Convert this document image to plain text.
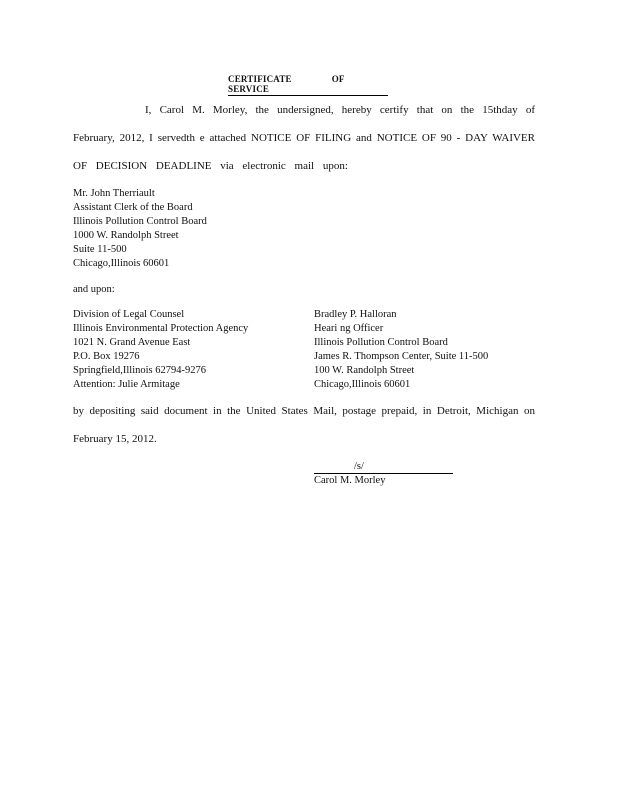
CERTIFICATE	OFSERVICE
I, Carol M. Morley, the undersigned, hereby certify that on the 15thday of
February, 2012, I servedth e attached NOTICE OF FILING and NOTICE OF 90 - DAY WAIVER
OF DECISION DEADLINE via electronic mail upon:
Mr. John Therriault
Assistant Clerk of the Board
Illinois Pollution Control Board
1000 W. Randolph Street
Suite 11-500
Chicago,Illinois 60601
and upon:
Division of Legal Counsel
Illinois Environmental Protection Agency
1021 N. Grand Avenue East
P.O. Box 19276
Springfield,Illinois 62794-9276
Attention: Julie Armitage
Bradley P. Halloran
Heari ng Officer
Illinois Pollution Control Board
James R. Thompson Center, Suite 11-500
100 W. Randolph Street
Chicago,Illinois 60601
by depositing said document in the United States Mail, postage prepaid, in Detroit, Michigan on
February 15, 2012.
/s/
Carol M. Morley
